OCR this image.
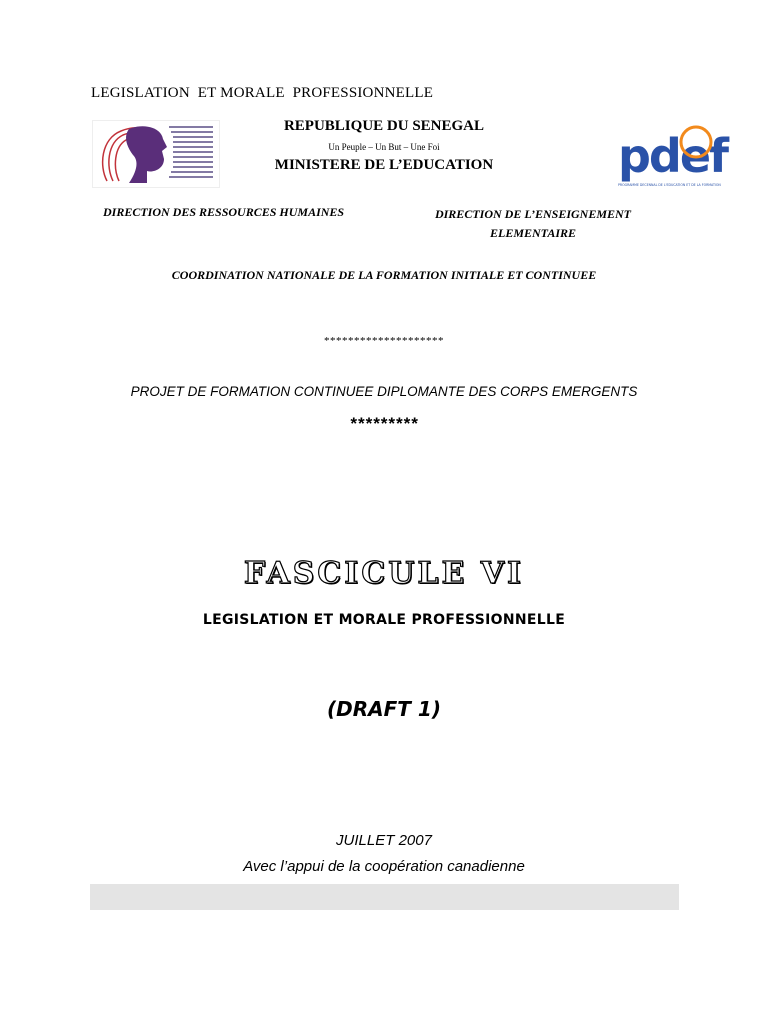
LEGISLATION  ET MORALE  PROFESSIONNELLE
REPUBLIQUE DU SENEGAL
Un Peuple – Un But – Une Foi
MINISTERE DE L’EDUCATION	pdef
PROGRAMME DECENNAL DE L'EDUCATION ET DE LA FORMATION
DIRECTION DES RESSOURCES HUMAINES	DIRECTION DE L’ENSEIGNEMENT
ELEMENTAIRE
COORDINATION NATIONALE DE LA FORMATION INITIALE ET CONTINUEE
********************
PROJET DE FORMATION CONTINUEE DIPLOMANTE DES CORPS EMERGENTS
*********
FASCICULE VI
LEGISLATION ET MORALE PROFESSIONNELLE
(DRAFT 1)
JUILLET 2007
Avec l’appui de la coopération canadienne
